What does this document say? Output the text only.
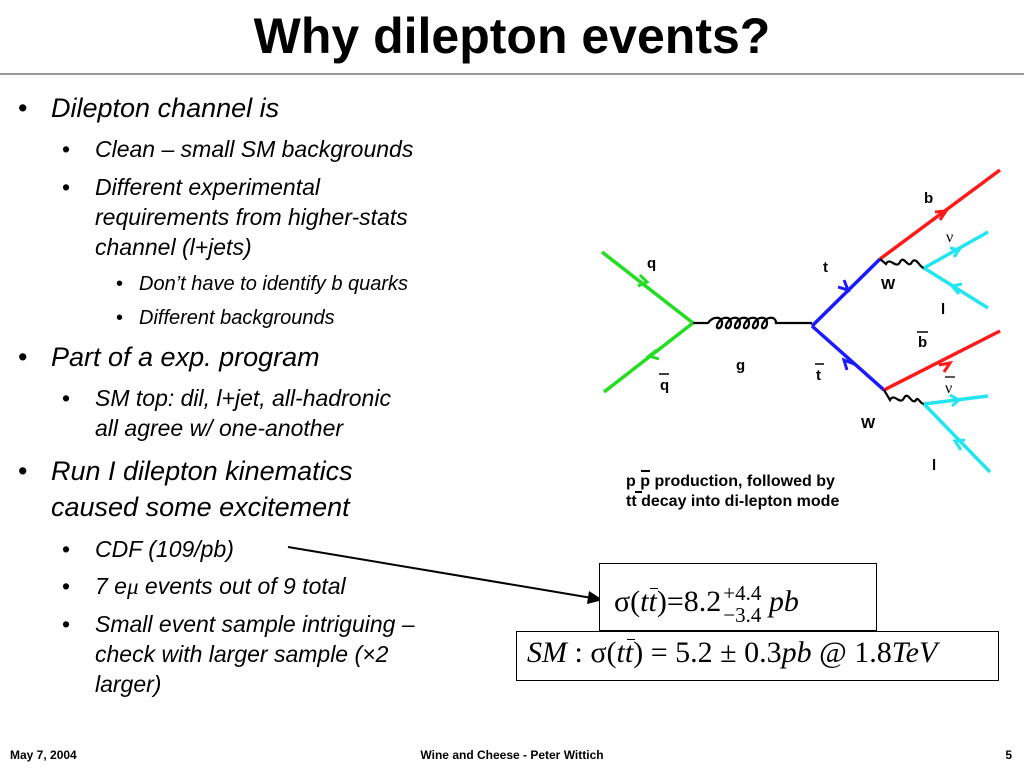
Why dilepton events?
• Dilepton channel is
• Clean – small SM backgrounds
• Different experimental
requirements from higher-stats
channel (l+jets)
• Don’t have to identify b quarks
• Different backgrounds
• Part of a exp. program
• SM top: dil, l+jet, all-hadronic
all agree w/ one-another
• Run I dilepton kinematics
caused some excitement
• CDF (109/pb)
• 7 eμ events out of 9 total
• Small event sample intriguing –
check with larger sample (×2
larger)
q
q
g
t
t
W
W
b
b
l
l
ν
ν
p p production, followed by
tt decay into di-lepton mode
σ(tt
)=8.2 +4.4
−3.4 pb
SM : σ(tt
) = 5.2 ± 0.3pb @ 1.8TeV
May 7, 2004	Wine and Cheese - Peter Wittich	5
